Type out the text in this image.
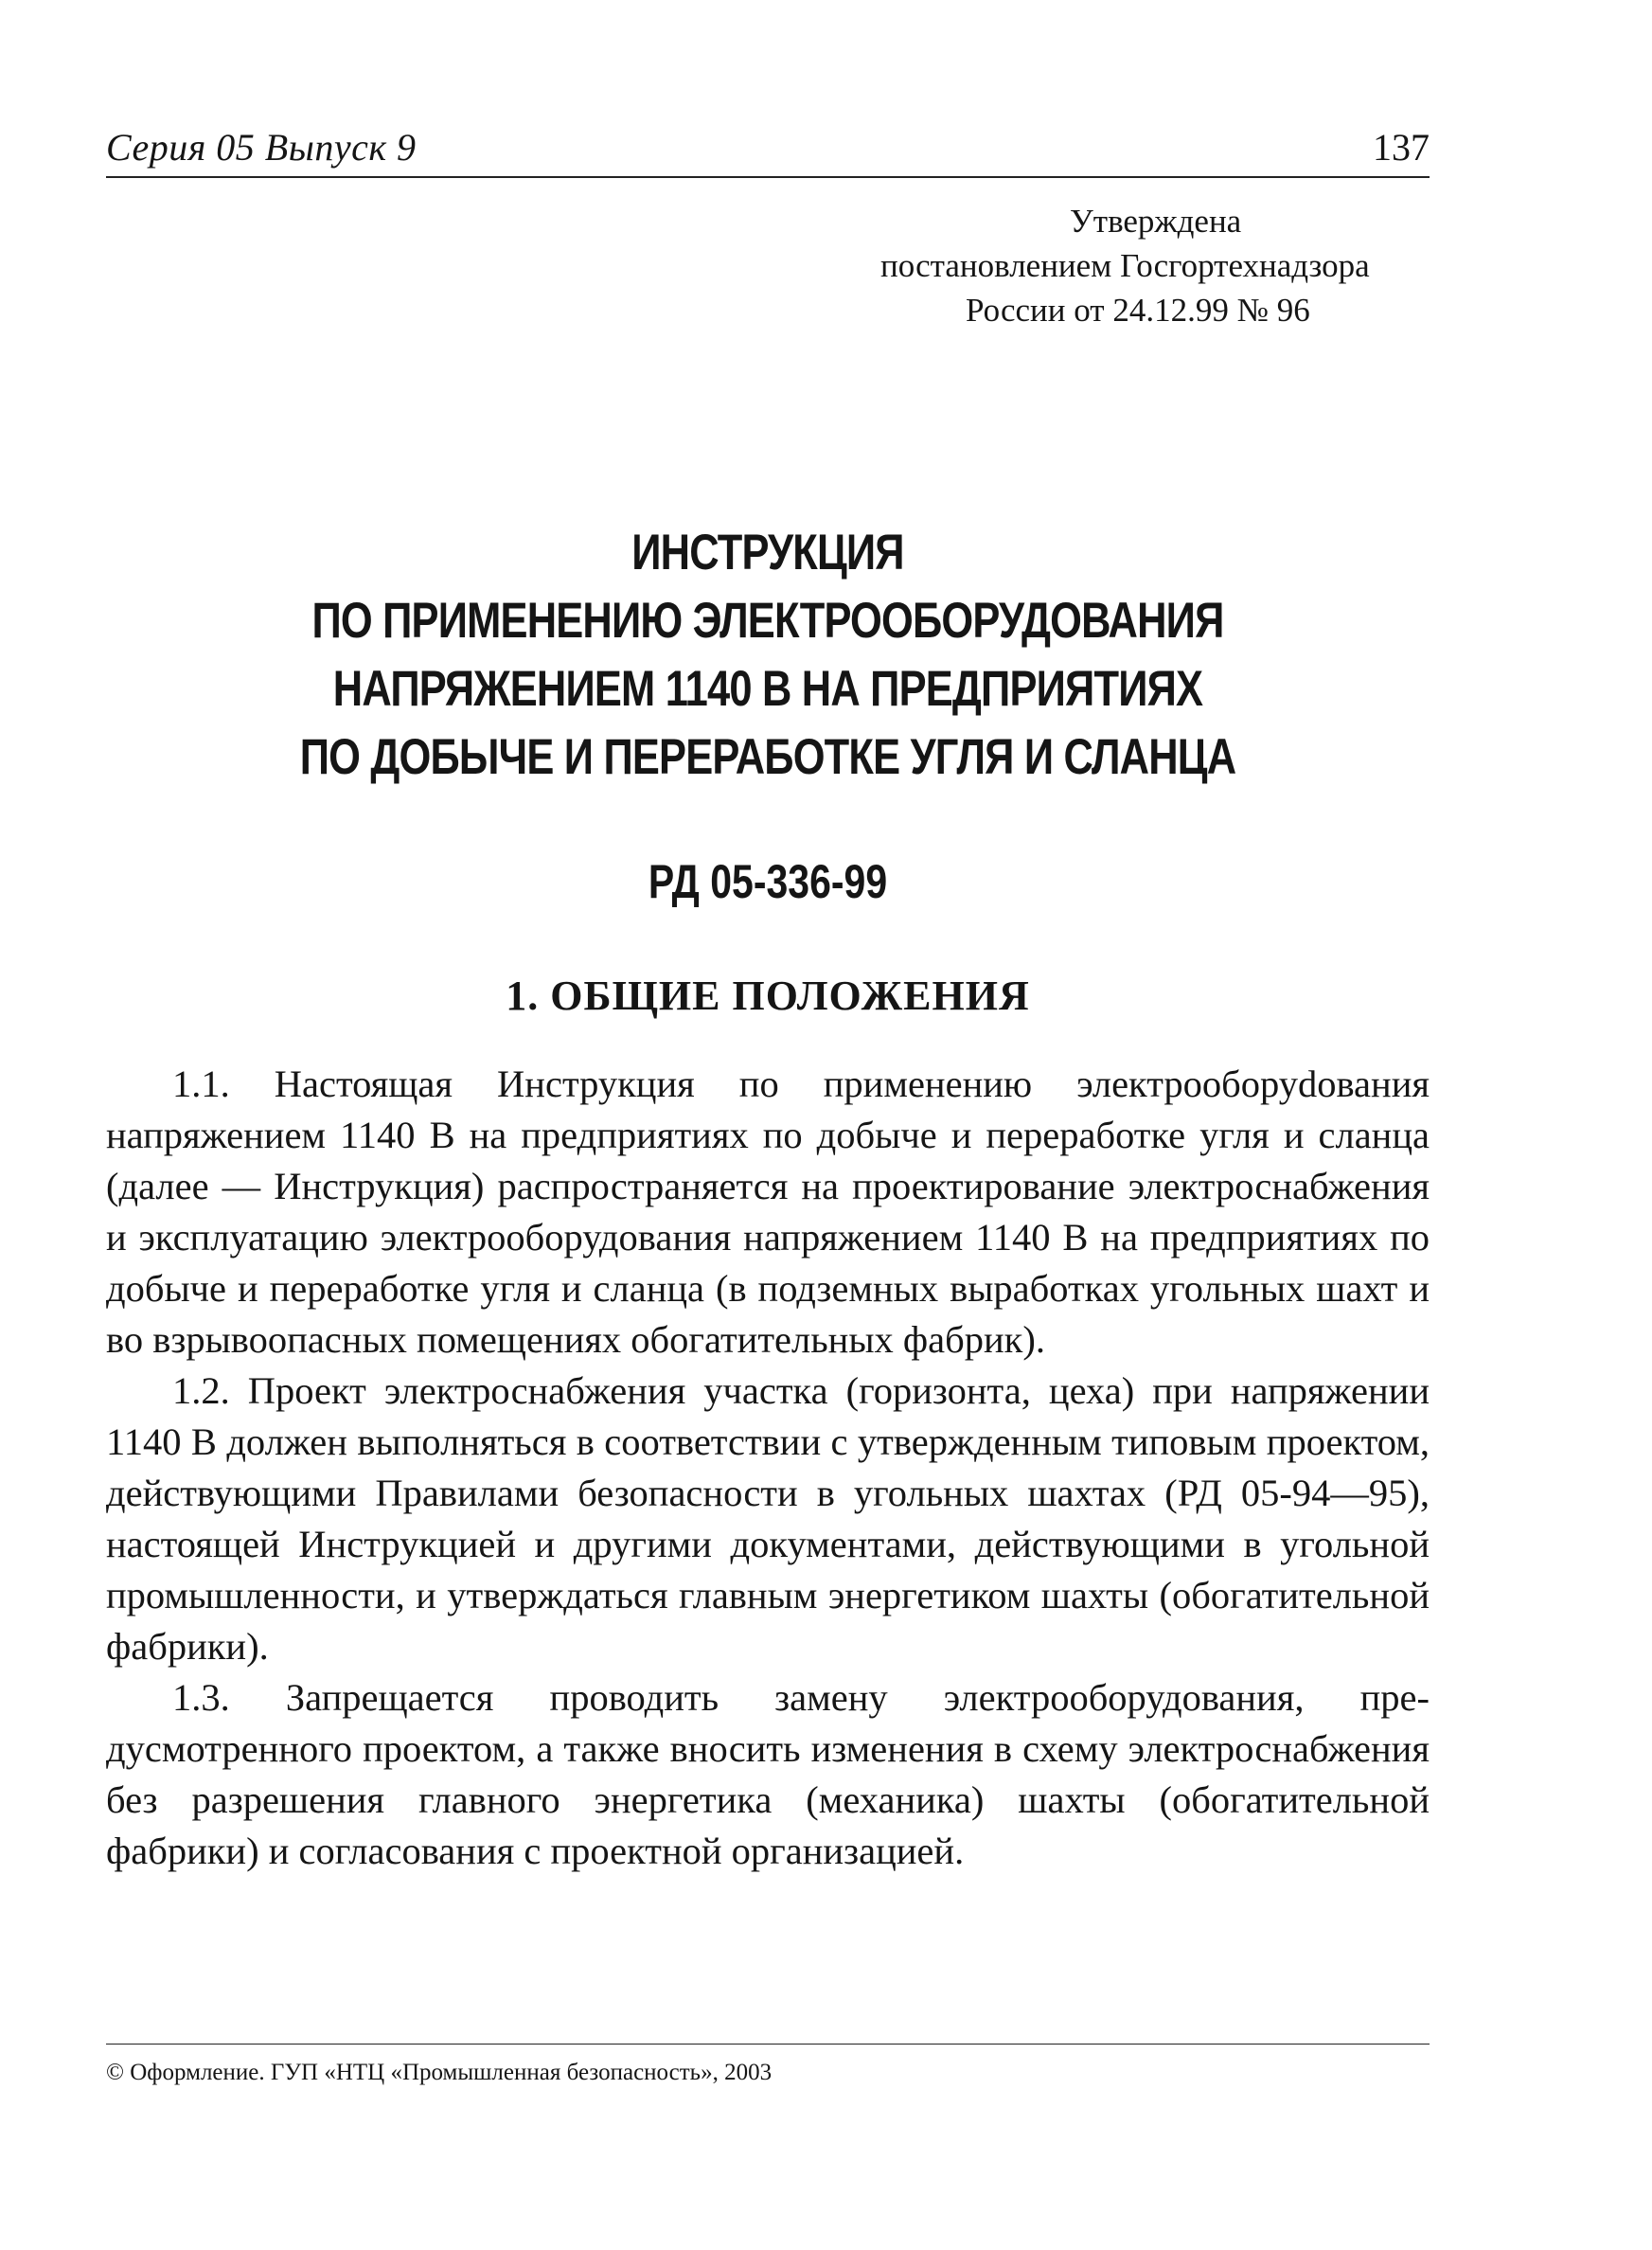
Серия 05 Выпуск 9	137
Утверждена
постановлением Госгортехнадзора
России от 24.12.99 № 96
ИНСТРУКЦИЯ
ПО ПРИМЕНЕНИЮ ЭЛЕКТРООБОРУДОВАНИЯ
НАПРЯЖЕНИЕМ 1140 В НА ПРЕДПРИЯТИЯХ
ПО ДОБЫЧЕ И ПЕРЕРАБОТКЕ УГЛЯ И СЛАНЦА
РД 05-336-99
1. ОБЩИЕ ПОЛОЖЕНИЯ

1.1. Настоящая Инструкция по применению электрооборуdования напряжением 1140 В на предприятиях по добыче и переработке угля и сланца (далее — Инструкция) распространяется на проектирование электроснабжения и эксплуатацию электрооборудования напряжением 1140 В на предприятиях по добыче и переработке угля и сланца (в подземных выработках угольных шахт и во взрывоопасных помещениях обогатительных фабрик).

1.2. Проект электроснабжения участка (горизонта, цеха) при напряжении 1140 В должен выполняться в соответствии с утвержденным типовым проектом, действующими Правилами безопасности в угольных шахтах (РД 05-94—95), настоящей Инструкцией и другими документами, действующими в угольной промышленности, и утверждаться главным энергетиком шахты (обогатительной фабрики).

1.3. Запрещается проводить замену электрооборудования, предусмотренного проектом, а также вносить изменения в схему электроснабжения без разрешения главного энергетика (механика) шахты (обогатительной фабрики) и согласования с проектной организацией.

© Оформление. ГУП «НТЦ «Промышленная безопасность», 2003
